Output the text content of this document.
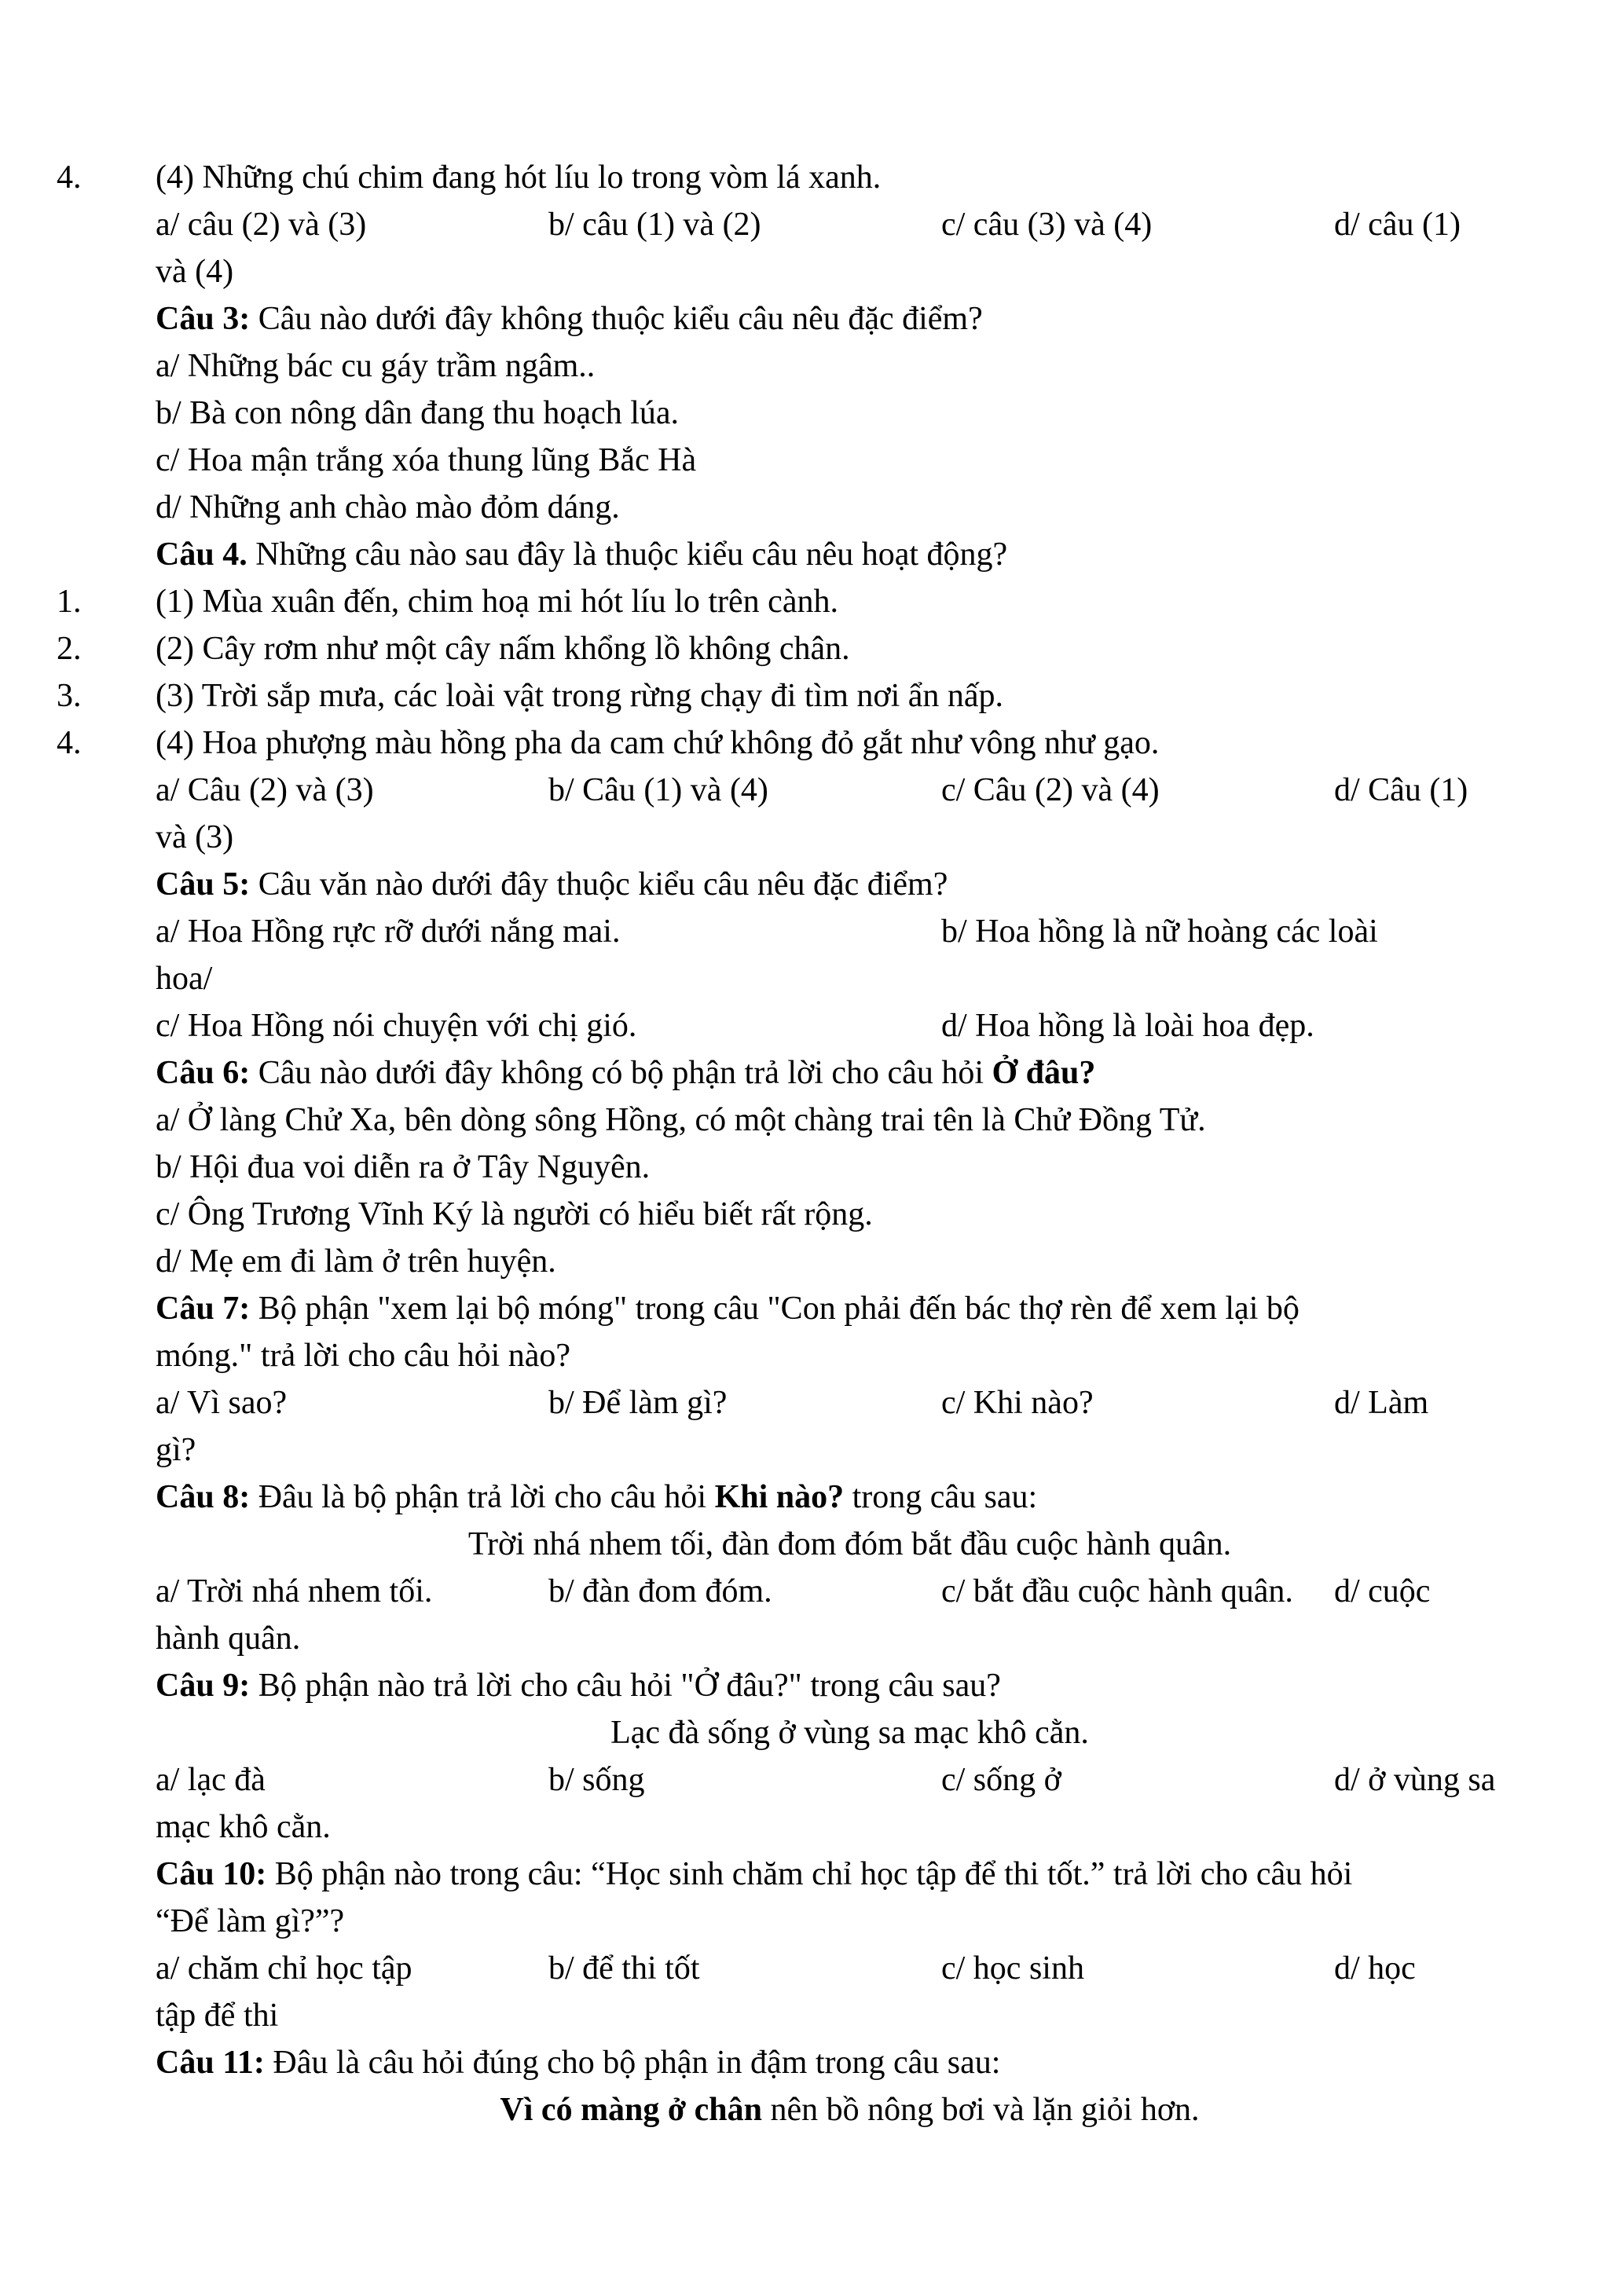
4. (4) Những chú chim đang hót líu lo trong vòm lá xanh.
a/ câu (2) và (3)	b/ câu (1) và (2)	c/ câu (3) và (4)	d/ câu (1)
và (4)
Câu 3: Câu nào dưới đây không thuộc kiểu câu nêu đặc điểm?
a/ Những bác cu gáy trầm ngâm..
b/ Bà con nông dân đang thu hoạch lúa.
c/ Hoa mận trắng xóa thung lũng Bắc Hà
d/ Những anh chào mào đỏm dáng.
Câu 4. Những câu nào sau đây là thuộc kiểu câu nêu hoạt động?
1. (1) Mùa xuân đến, chim hoạ mi hót líu lo trên cành.
2. (2) Cây rơm như một cây nấm khổng lồ không chân.
3. (3) Trời sắp mưa, các loài vật trong rừng chạy đi tìm nơi ẩn nấp.
4. (4) Hoa phượng màu hồng pha da cam chứ không đỏ gắt như vông như gạo.
a/ Câu (2) và (3)	b/ Câu (1) và (4)	c/ Câu (2) và (4)	d/ Câu (1)
và (3)
Câu 5: Câu văn nào dưới đây thuộc kiểu câu nêu đặc điểm?
a/ Hoa Hồng rực rỡ dưới nắng mai.	b/ Hoa hồng là nữ hoàng các loài
hoa/
c/ Hoa Hồng nói chuyện với chị gió.	d/ Hoa hồng là loài hoa đẹp.
Câu 6: Câu nào dưới đây không có bộ phận trả lời cho câu hỏi Ở đâu?
a/ Ở làng Chử Xa, bên dòng sông Hồng, có một chàng trai tên là Chử Đồng Tử.
b/ Hội đua voi diễn ra ở Tây Nguyên.
c/ Ông Trương Vĩnh Ký là người có hiểu biết rất rộng.
d/ Mẹ em đi làm ở trên huyện.
Câu 7: Bộ phận "xem lại bộ móng" trong câu "Con phải đến bác thợ rèn để xem lại bộ
móng." trả lời cho câu hỏi nào?
a/ Vì sao?	b/ Để làm gì?	c/ Khi nào?	d/ Làm
gì?
Câu 8: Đâu là bộ phận trả lời cho câu hỏi Khi nào? trong câu sau:
Trời nhá nhem tối, đàn đom đóm bắt đầu cuộc hành quân.
a/ Trời nhá nhem tối.	b/ đàn đom đóm.	c/ bắt đầu cuộc hành quân. d/ cuộc
hành quân.
Câu 9: Bộ phận nào trả lời cho câu hỏi "Ở đâu?" trong câu sau?
Lạc đà sống ở vùng sa mạc khô cằn.
a/ lạc đà	b/ sống	c/ sống ở	d/ ở vùng sa
mạc khô cằn.
Câu 10: Bộ phận nào trong câu: “Học sinh chăm chỉ học tập để thi tốt.” trả lời cho câu hỏi
“Để làm gì?”?
a/ chăm chỉ học tập	b/ để thi tốt	c/ học sinh	d/ học
tập để thi
Câu 11: Đâu là câu hỏi đúng cho bộ phận in đậm trong câu sau:
Vì có màng ở chân nên bồ nông bơi và lặn giỏi hơn.
